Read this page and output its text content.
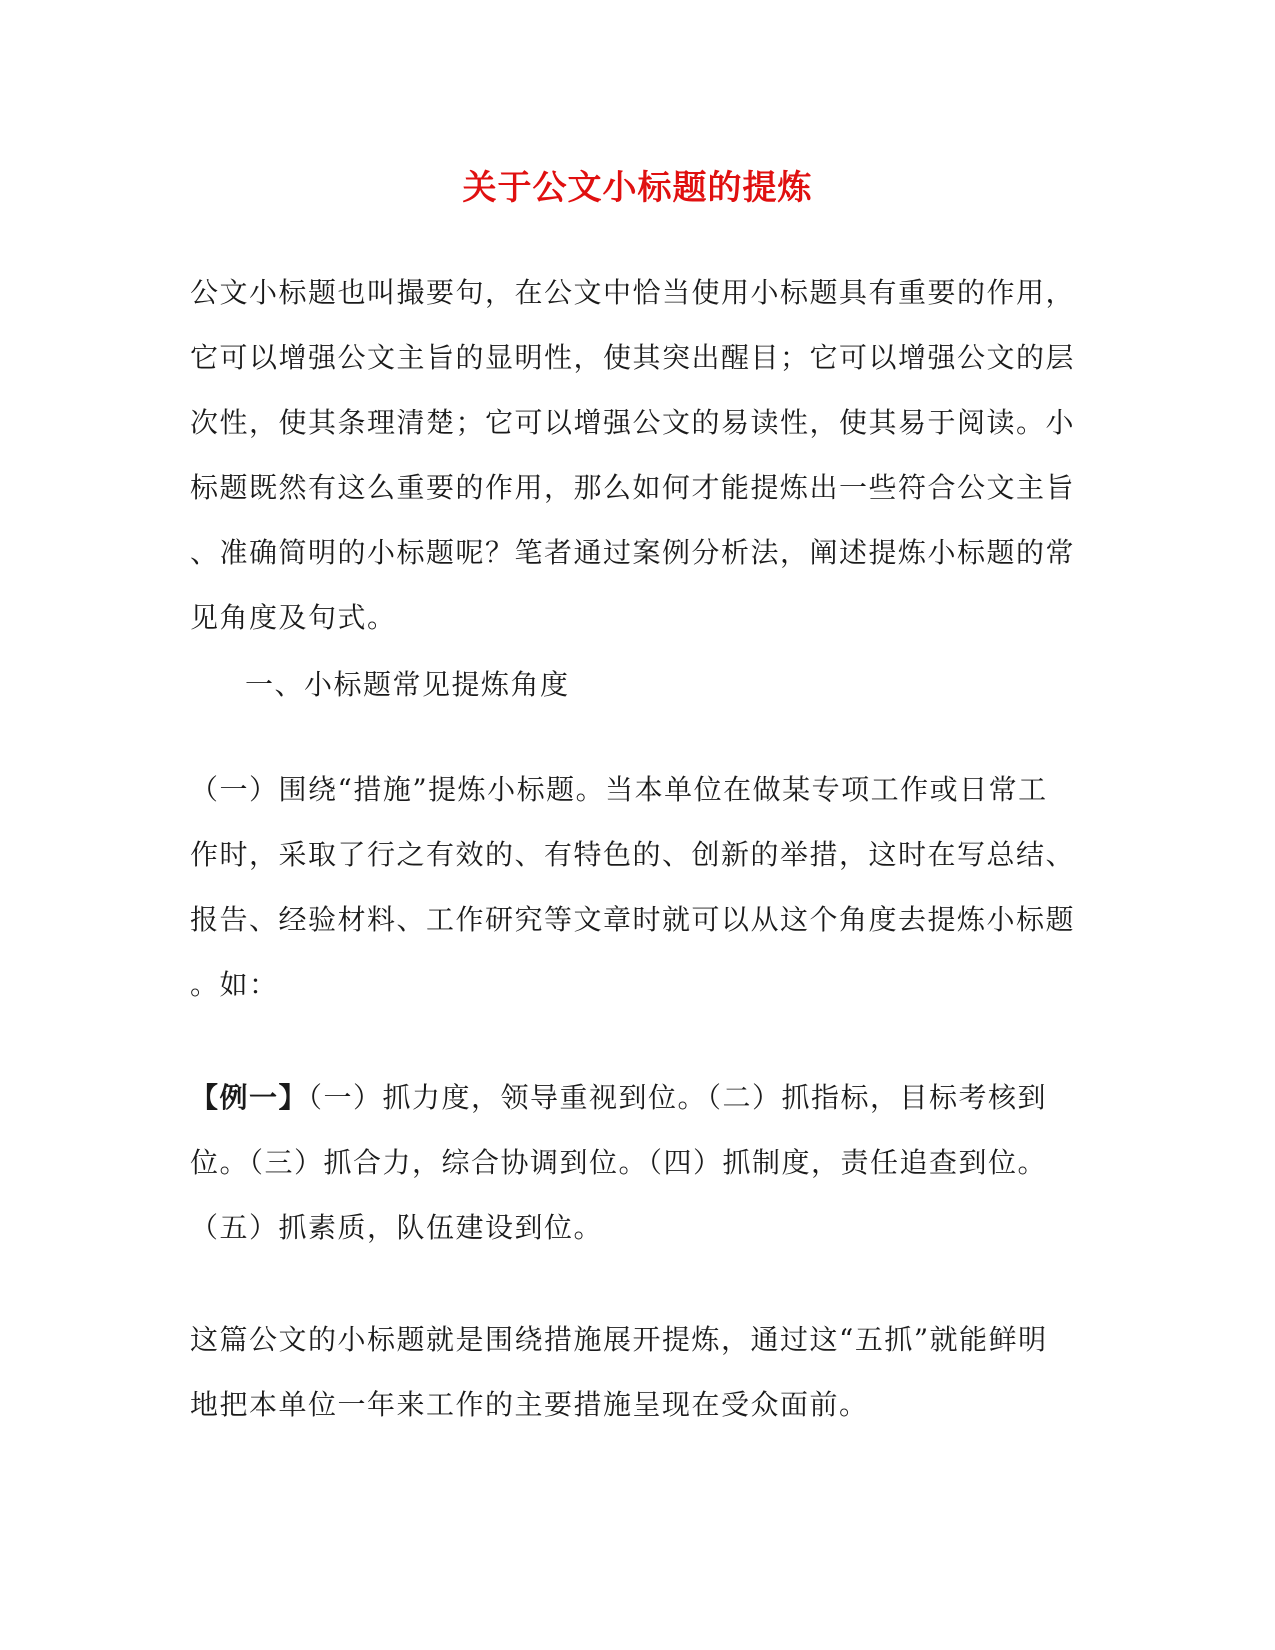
关于公文小标题的提炼

公文小标题也叫撮要句，在公文中恰当使用小标题具有重要的作用，
它可以增强公文主旨的显明性，使其突出醒目；它可以增强公文的层
次性，使其条理清楚；它可以增强公文的易读性，使其易于阅读。小
标题既然有这么重要的作用，那么如何才能提炼出一些符合公文主旨
、准确简明的小标题呢？笔者通过案例分析法，阐述提炼小标题的常
见角度及句式。

一、小标题常见提炼角度

（一）围绕“措施”提炼小标题。当本单位在做某专项工作或日常工
作时，采取了行之有效的、有特色的、创新的举措，这时在写总结、
报告、经验材料、工作研究等文章时就可以从这个角度去提炼小标题
。如：

【例一】（一）抓力度，领导重视到位。（二）抓指标，目标考核到
位。（三）抓合力，综合协调到位。（四）抓制度，责任追查到位。
（五）抓素质，队伍建设到位。

这篇公文的小标题就是围绕措施展开提炼，通过这“五抓”就能鲜明
地把本单位一年来工作的主要措施呈现在受众面前。
